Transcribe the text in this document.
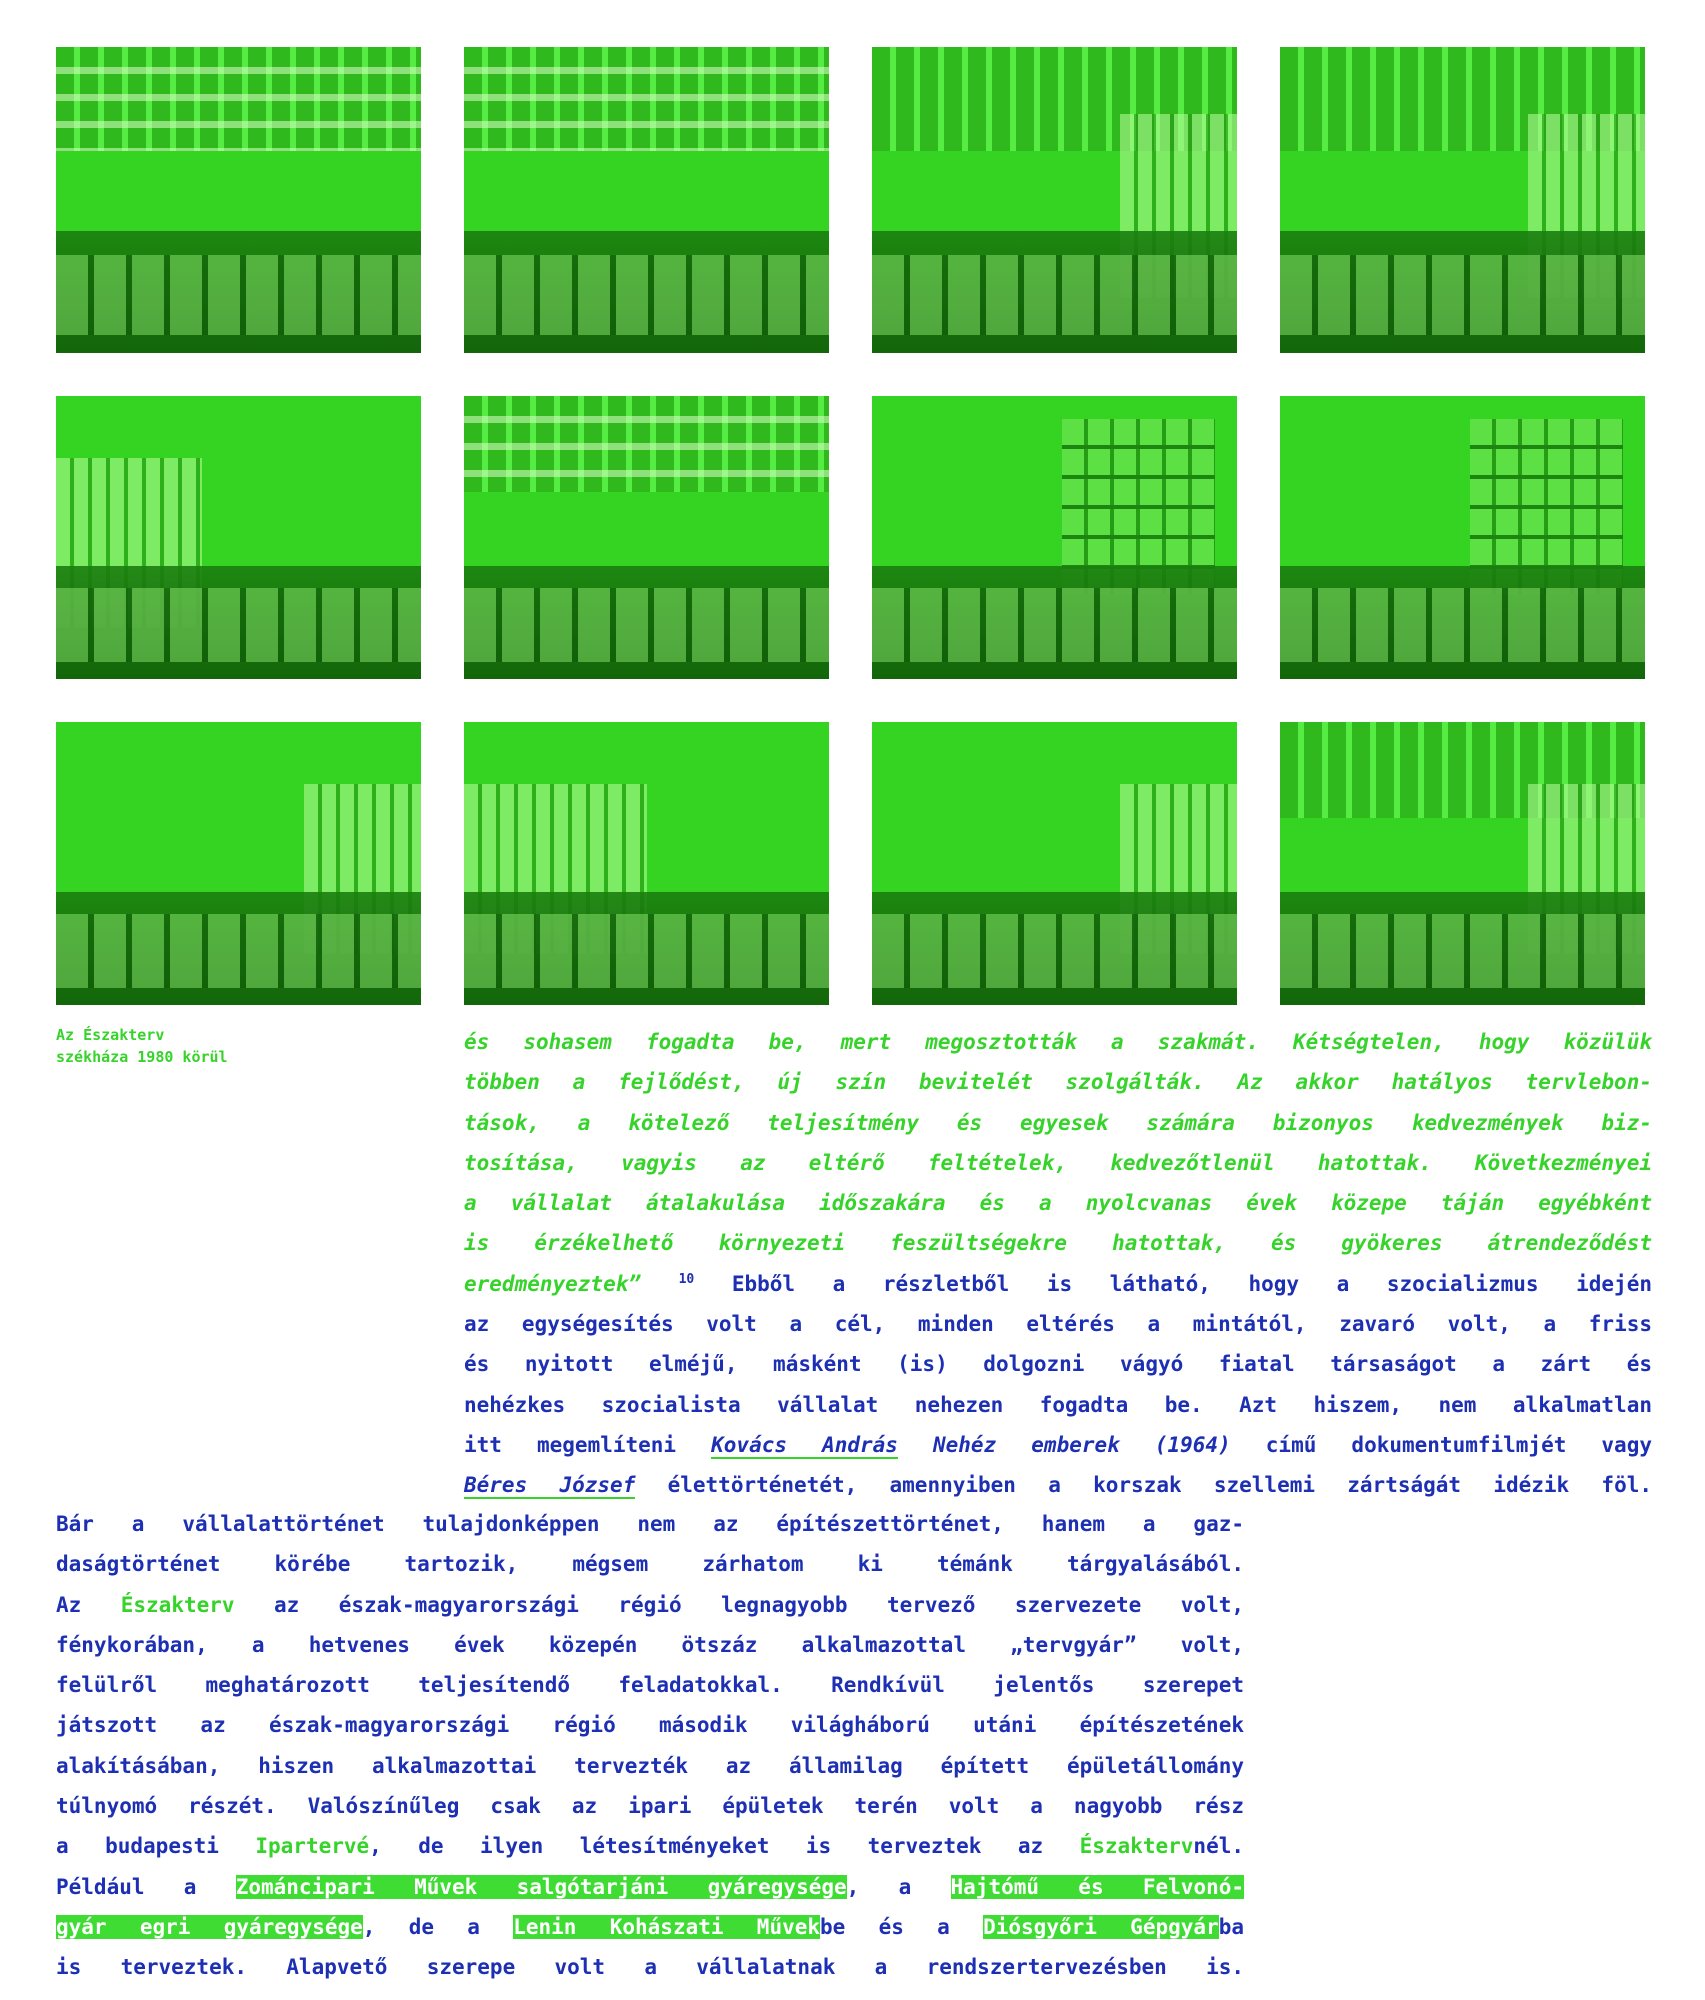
Az Északterv
székháza 1980 körül

és sohasem fogadta be, mert megosztották a szakmát. Kétségtelen, hogy közülük
többen a fejlődést, új szín bevitelét szolgálták. Az akkor hatályos tervlebon-
tások, a kötelező teljesítmény és egyesek számára bizonyos kedvezmények biz-
tosítása, vagyis az eltérő feltételek, kedvezőtlenül hatottak. Következményei
a vállalat átalakulása időszakára és a nyolcvanas évek közepe táján egyébként
is érzékelhető környezeti feszültségekre hatottak, és gyökeres átrendeződést
eredményeztek”	$^{10}$ Ebből a részletből is látható, hogy a szocializmus idején
az egységesítés volt a cél, minden eltérés a mintától, zavaró volt, a friss
és nyitott elméjű, másként (is) dolgozni vágyó fiatal társaságot a zárt és
nehézkes szocialista vállalat nehezen fogadta be. Azt hiszem, nem alkalmatlan
itt megemlíteni Kovács András Nehéz emberek (1964) című dokumentumfilmjét vagy
Béres József élettörténetét, amennyiben a korszak szellemi zártságát idézik föl.
Bár a vállalattörténet tulajdonképpen nem az építészettörténet, hanem a gaz-
daságtörténet körébe tartozik, mégsem zárhatom ki témánk tárgyalásából.
Az Északterv az észak-magyarországi régió legnagyobb tervező szervezete volt,
fénykorában, a hetvenes évek közepén ötszáz alkalmazottal „tervgyár” volt,
felülről meghatározott teljesítendő feladatokkal. Rendkívül jelentős szerepet
játszott az észak-magyarországi régió második világháború utáni építészetének
alakításában, hiszen alkalmazottai tervezték az államilag épített épületállomány
túlnyomó részét. Valószínűleg csak az ipari épületek terén volt a nagyobb rész
a budapesti Ipartervé, de ilyen létesítményeket is terveztek az Északtervnél.
Például a Zománcipari Művek salgótarjáni gyáregysége, a Hajtómű és Felvonó-
gyár egri gyáregysége, de a Lenin Kohászati Művekbe és a Diósgyőri Gépgyárba
is terveztek. Alapvető szerepe volt a vállalatnak a rendszertervezésben is.
